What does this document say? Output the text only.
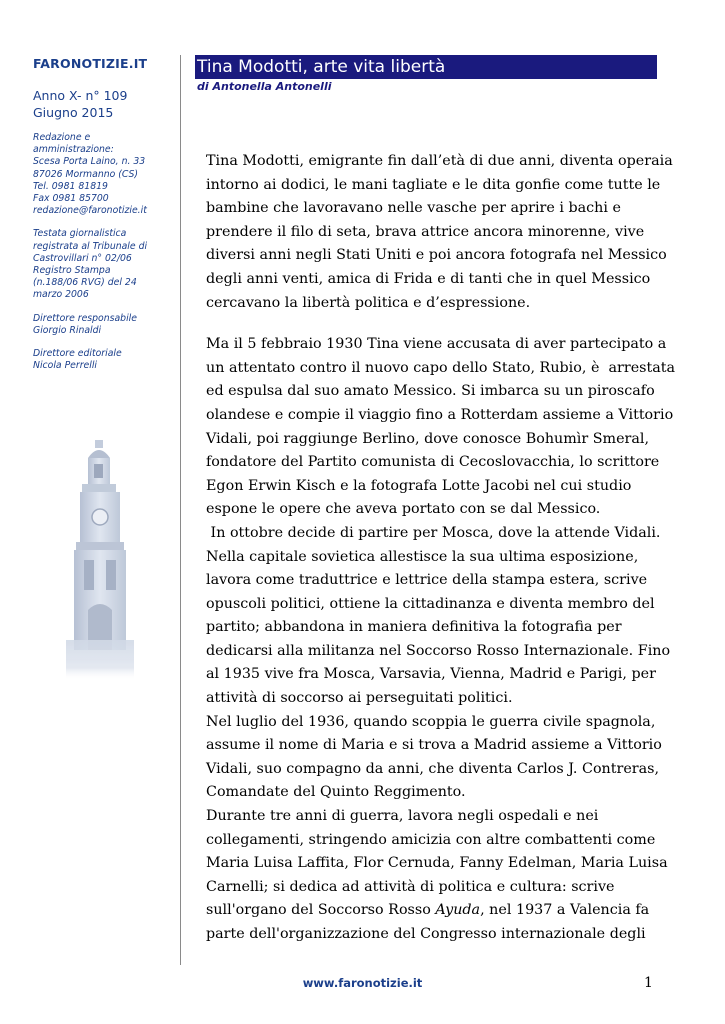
FARONOTIZIE.IT
Anno X- n° 109
Giugno 2015
Redazione e
amministrazione:
Scesa Porta Laino, n. 33
87026 Mormanno (CS)
Tel. 0981 81819
Fax 0981 85700
redazione@faronotizie.it
Testata giornalistica
registrata al Tribunale di
Castrovillari n° 02/06
Registro Stampa
(n.188/06 RVG) del 24
marzo 2006
Direttore responsabile
Giorgio Rinaldi
Direttore editoriale
Nicola Perrelli
Tina Modotti, arte vita libertà
di Antonella Antonelli
Tina Modotti, emigrante fin dall’età di due anni, diventa operaia
intorno ai dodici, le mani tagliate e le dita gonfie come tutte le
bambine che lavoravano nelle vasche per aprire i bachi e
prendere il filo di seta, brava attrice ancora minorenne, vive
diversi anni negli Stati Uniti e poi ancora fotografa nel Messico
degli anni venti, amica di Frida e di tanti che in quel Messico
cercavano la libertà politica e d’espressione.
Ma il 5 febbraio 1930 Tina viene accusata di aver partecipato a
un attentato contro il nuovo capo dello Stato, Rubio, è  arrestata
ed espulsa dal suo amato Messico. Si imbarca su un piroscafo
olandese e compie il viaggio fino a Rotterdam assieme a Vittorio
Vidali, poi raggiunge Berlino, dove conosce Bohumìr Smeral,
fondatore del Partito comunista di Cecoslovacchia, lo scrittore
Egon Erwin Kisch e la fotografa Lotte Jacobi nel cui studio
espone le opere che aveva portato con se dal Messico.
In ottobre decide di partire per Mosca, dove la attende Vidali.
Nella capitale sovietica allestisce la sua ultima esposizione,
lavora come traduttrice e lettrice della stampa estera, scrive
opuscoli politici, ottiene la cittadinanza e diventa membro del
partito; abbandona in maniera definitiva la fotografia per
dedicarsi alla militanza nel Soccorso Rosso Internazionale. Fino
al 1935 vive fra Mosca, Varsavia, Vienna, Madrid e Parigi, per
attività di soccorso ai perseguitati politici.
Nel luglio del 1936, quando scoppia le guerra civile spagnola,
assume il nome di Maria e si trova a Madrid assieme a Vittorio
Vidali, suo compagno da anni, che diventa Carlos J. Contreras,
Comandate del Quinto Reggimento.
Durante tre anni di guerra, lavora negli ospedali e nei
collegamenti, stringendo amicizia con altre combattenti come
Maria Luisa Laffita, Flor Cernuda, Fanny Edelman, Maria Luisa
Carnelli; si dedica ad attività di politica e cultura: scrive
sull'organo del Soccorso Rosso Ayuda, nel 1937 a Valencia fa
parte dell'organizzazione del Congresso internazionale degli
www.faronotizie.it	1
